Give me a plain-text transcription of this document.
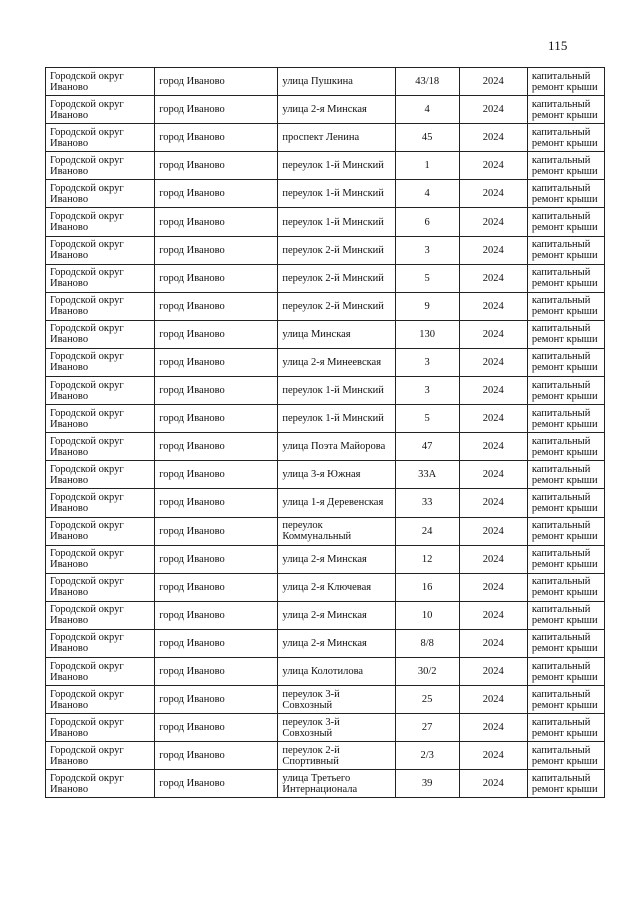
115
Городской округ Иваново	город Иваново	улица Пушкина	43/18	2024	капитальный ремонт крыши
Городской округ Иваново	город Иваново	улица 2-я Минская	4	2024	капитальный ремонт крыши
Городской округ Иваново	город Иваново	проспект Ленина	45	2024	капитальный ремонт крыши
Городской округ Иваново	город Иваново	переулок 1-й Минский	1	2024	капитальный ремонт крыши
Городской округ Иваново	город Иваново	переулок 1-й Минский	4	2024	капитальный ремонт крыши
Городской округ Иваново	город Иваново	переулок 1-й Минский	6	2024	капитальный ремонт крыши
Городской округ Иваново	город Иваново	переулок 2-й Минский	3	2024	капитальный ремонт крыши
Городской округ Иваново	город Иваново	переулок 2-й Минский	5	2024	капитальный ремонт крыши
Городской округ Иваново	город Иваново	переулок 2-й Минский	9	2024	капитальный ремонт крыши
Городской округ Иваново	город Иваново	улица Минская	130	2024	капитальный ремонт крыши
Городской округ Иваново	город Иваново	улица 2-я Минеевская	3	2024	капитальный ремонт крыши
Городской округ Иваново	город Иваново	переулок 1-й Минский	3	2024	капитальный ремонт крыши
Городской округ Иваново	город Иваново	переулок 1-й Минский	5	2024	капитальный ремонт крыши
Городской округ Иваново	город Иваново	улица Поэта Майорова	47	2024	капитальный ремонт крыши
Городской округ Иваново	город Иваново	улица 3-я Южная	33А	2024	капитальный ремонт крыши
Городской округ Иваново	город Иваново	улица 1-я Деревенская	33	2024	капитальный ремонт крыши
Городской округ Иваново	город Иваново	переулок Коммунальный	24	2024	капитальный ремонт крыши
Городской округ Иваново	город Иваново	улица 2-я Минская	12	2024	капитальный ремонт крыши
Городской округ Иваново	город Иваново	улица 2-я Ключевая	16	2024	капитальный ремонт крыши
Городской округ Иваново	город Иваново	улица 2-я Минская	10	2024	капитальный ремонт крыши
Городской округ Иваново	город Иваново	улица 2-я Минская	8/8	2024	капитальный ремонт крыши
Городской округ Иваново	город Иваново	улица Колотилова	30/2	2024	капитальный ремонт крыши
Городской округ Иваново	город Иваново	переулок 3-й Совхозный	25	2024	капитальный ремонт крыши
Городской округ Иваново	город Иваново	переулок 3-й Совхозный	27	2024	капитальный ремонт крыши
Городской округ Иваново	город Иваново	переулок 2-й Спортивный	2/3	2024	капитальный ремонт крыши
Городской округ Иваново	город Иваново	улица Третьего Интернационала	39	2024	капитальный ремонт крыши
